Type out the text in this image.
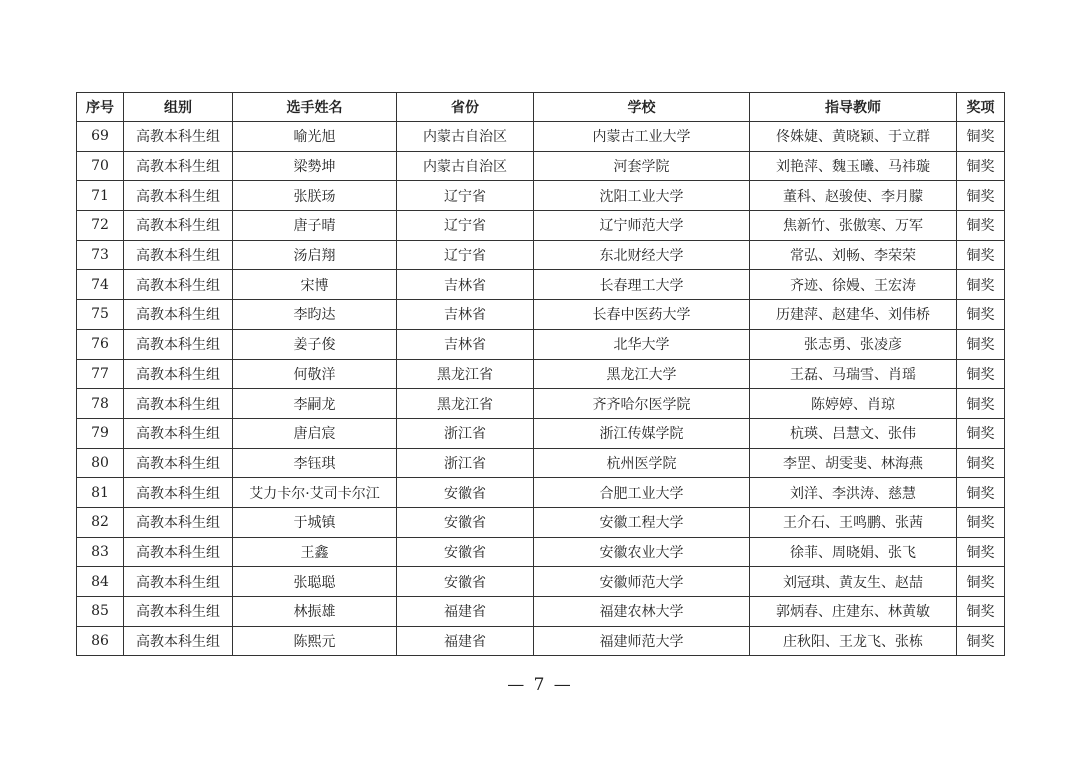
序号	组别	选手姓名	省份	学校	指导教师	奖项
69	高教本科生组	喻光旭	内蒙古自治区	内蒙古工业大学	佟姝婕、黄晓颖、于立群	铜奖
70	高教本科生组	梁勢坤	内蒙古自治区	河套学院	刘艳萍、魏玉曦、马祎璇	铜奖
71	高教本科生组	张朕玚	辽宁省	沈阳工业大学	董科、赵骏使、李月朦	铜奖
72	高教本科生组	唐子晴	辽宁省	辽宁师范大学	焦新竹、张傲寒、万军	铜奖
73	高教本科生组	汤启翔	辽宁省	东北财经大学	常弘、刘畅、李荣荣	铜奖
74	高教本科生组	宋博	吉林省	长春理工大学	齐迹、徐嫚、王宏涛	铜奖
75	高教本科生组	李昀达	吉林省	长春中医药大学	历建萍、赵建华、刘伟桥	铜奖
76	高教本科生组	姜子俊	吉林省	北华大学	张志勇、张凌彦	铜奖
77	高教本科生组	何敬洋	黑龙江省	黑龙江大学	王磊、马瑞雪、肖瑶	铜奖
78	高教本科生组	李嗣龙	黑龙江省	齐齐哈尔医学院	陈婷婷、肖琼	铜奖
79	高教本科生组	唐启宸	浙江省	浙江传媒学院	杭瑛、吕慧文、张伟	铜奖
80	高教本科生组	李钰琪	浙江省	杭州医学院	李罡、胡雯斐、林海燕	铜奖
81	高教本科生组	艾力卡尔·艾司卡尔江	安徽省	合肥工业大学	刘洋、李洪涛、慈慧	铜奖
82	高教本科生组	于城镇	安徽省	安徽工程大学	王介石、王鸣鹏、张茜	铜奖
83	高教本科生组	王鑫	安徽省	安徽农业大学	徐菲、周晓娟、张飞	铜奖
84	高教本科生组	张聪聪	安徽省	安徽师范大学	刘冠琪、黄友生、赵喆	铜奖
85	高教本科生组	林振雄	福建省	福建农林大学	郭炳春、庄建东、林黄敏	铜奖
86	高教本科生组	陈熙元	福建省	福建师范大学	庄秋阳、王龙飞、张栋	铜奖
— 7 —
